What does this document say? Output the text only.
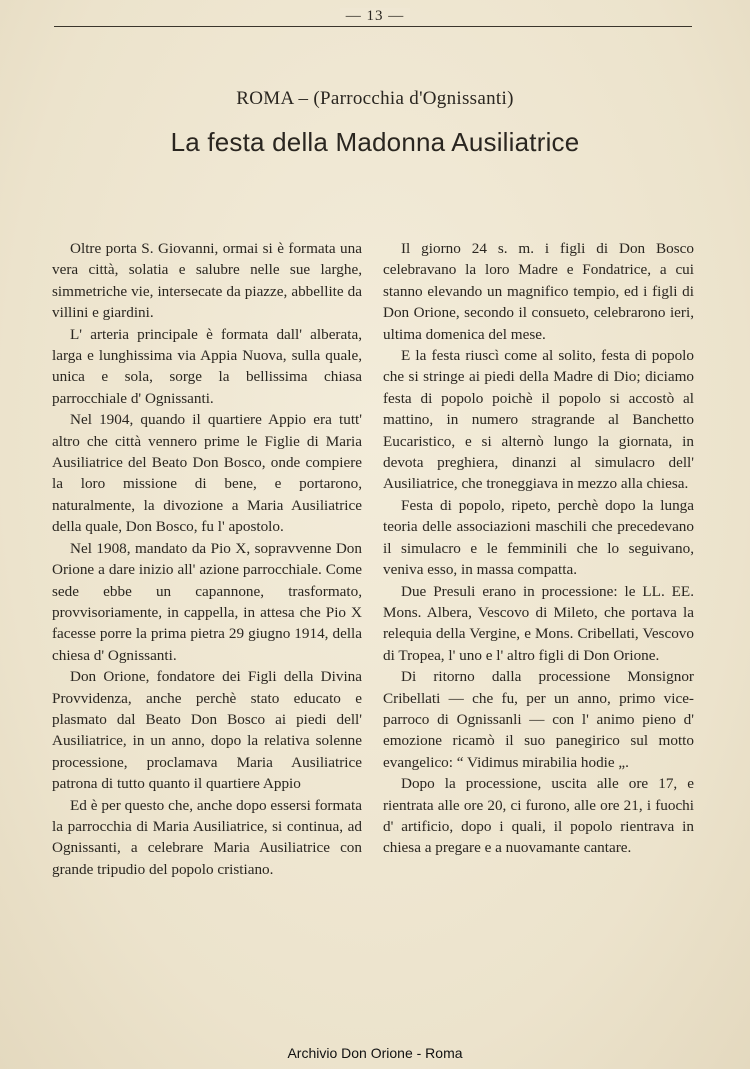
— 13 —
ROMA – (Parrocchia d'Ognissanti)
La festa della Madonna Ausiliatrice

Oltre porta S. Giovanni, ormai si è formata una vera città, solatia e salubre nelle sue larghe, simmetriche vie, intersecate da piazze, abbellite da villini e giardini.

L' arteria principale è formata dall' alberata, larga e lunghissima via Appia Nuova, sulla quale, unica e sola, sorge la bellissima chiasa parrocchiale d' Ognissanti.

Nel 1904, quando il quartiere Appio era tutt' altro che città vennero prime le Figlie di Maria Ausiliatrice del Beato Don Bosco, onde compiere la loro missione di bene, e portarono, naturalmente, la divozione a Maria Ausiliatrice della quale, Don Bosco, fu l' apostolo.

Nel 1908, mandato da Pio X, sopravvenne Don Orione a dare inizio all' azione parrocchiale. Come sede ebbe un capannone, trasformato, provvisoriamente, in cappella, in attesa che Pio X facesse porre la prima pietra 29 giugno 1914, della chiesa d' Ognissanti.

Don Orione, fondatore dei Figli della Divina Provvidenza, anche perchè stato educato e plasmato dal Beato Don Bosco ai piedi dell' Ausiliatrice, in un anno, dopo la relativa solenne processione, proclamava Maria Ausiliatrice patrona di tutto quanto il quartiere Appio

Ed è per questo che, anche dopo essersi formata la parrocchia di Maria Ausiliatrice, si continua, ad Ognissanti, a celebrare Maria Ausiliatrice con grande tripudio del popolo cristiano.

Il giorno 24 s. m. i figli di Don Bosco celebravano la loro Madre e Fondatrice, a cui stanno elevando un magnifico tempio, ed i figli di Don Orione, secondo il consueto, celebrarono ieri, ultima domenica del mese.

E la festa riuscì come al solito, festa di popolo che si stringe ai piedi della Madre di Dio; diciamo festa di popolo poichè il popolo si accostò al mattino, in numero stragrande al Banchetto Eucaristico, e si alternò lungo la giornata, in devota preghiera, dinanzi al simulacro dell' Ausiliatrice, che troneggiava in mezzo alla chiesa.

Festa di popolo, ripeto, perchè dopo la lunga teoria delle associazioni maschili che precedevano il simulacro e le femminili che lo seguivano, veniva esso, in massa compatta.

Due Presuli erano in processione: le LL. EE. Mons. Albera, Vescovo di Mileto, che portava la relequia della Vergine, e Mons. Cribellati, Vescovo di Tropea, l' uno e l' altro figli di Don Orione.

Di ritorno dalla processione Monsignor Cribellati — che fu, per un anno, primo vice-parroco di Ognissanli — con l' animo pieno d' emozione ricamò il suo panegirico sul motto evangelico: “ Vidimus mirabilia hodie „.

Dopo la processione, uscita alle ore 17, e rientrata alle ore 20, ci furono, alle ore 21, i fuochi d' artificio, dopo i quali, il popolo rientrava in chiesa a pregare e a nuovamante cantare.

Archivio Don Orione - Roma
